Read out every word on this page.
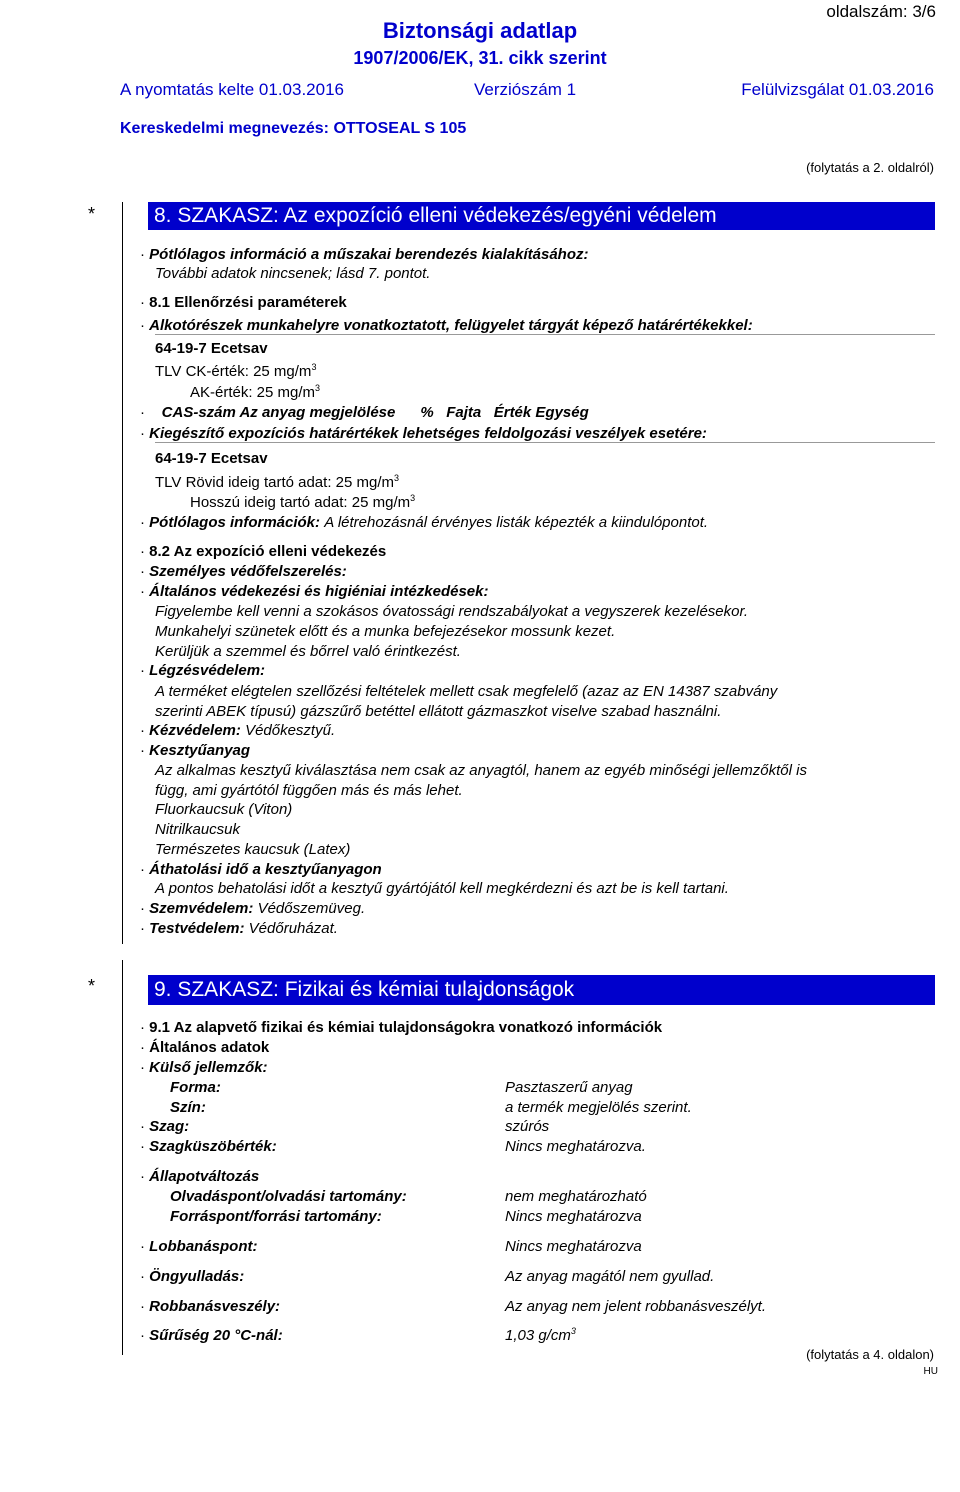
oldalszám: 3/6
Biztonsági adatlap
1907/2006/EK, 31. cikk szerint
A nyomtatás kelte 01.03.2016	Verziószám 1	Felülvizsgálat 01.03.2016
Kereskedelmi megnevezés: OTTOSEAL S 105
(folytatás a 2. oldalról)
*	8. SZAKASZ: Az expozíció elleni védekezés/egyéni védelem
· Pótlólagos információ a műszakai berendezés kialakításához:
További adatok nincsenek; lásd 7. pontot.
· 8.1 Ellenőrzési paraméterek
· Alkotórészek munkahelyre vonatkoztatott, felügyelet tárgyát képező határértékekkel:
64-19-7 Ecetsav
TLV CK-érték: 25 $mg/m^3$
AK-érték: 25 $mg/m^3$
· CAS-szám Az anyag megjelölése      %   Fajta   Érték Egység
· Kiegészítő expozíciós határértékek lehetséges feldolgozási veszélyek esetére:
64-19-7 Ecetsav
TLV Rövid ideig tartó adat: 25 $mg/m^3$
Hosszú ideig tartó adat: 25 $mg/m^3$
· Pótlólagos információk: A létrehozásnál érvényes listák képezték a kiindulópontot.
· 8.2 Az expozíció elleni védekezés
· Személyes védőfelszerelés:
· Általános védekezési és higiéniai intézkedések:
Figyelembe kell venni a szokásos óvatossági rendszabályokat a vegyszerek kezelésekor.
Munkahelyi szünetek előtt és a munka befejezésekor mossunk kezet.
Kerüljük a szemmel és bőrrel való érintkezést.
· Légzésvédelem:
A terméket elégtelen szellőzési feltételek mellett csak megfelelő (azaz az EN 14387 szabvány
szerinti ABEK típusú) gázszűrő betéttel ellátott gázmaszkot viselve szabad használni.
· Kézvédelem: Védőkesztyű.
· Kesztyűanyag
Az alkalmas kesztyű kiválasztása nem csak az anyagtól, hanem az egyéb minőségi jellemzőktől is
függ, ami gyártótól függően más és más lehet.
Fluorkaucsuk (Viton)
Nitrilkaucsuk
Természetes kaucsuk (Latex)
· Áthatolási idő a kesztyűanyagon
A pontos behatolási időt a kesztyű gyártójától kell megkérdezni és azt be is kell tartani.
· Szemvédelem: Védőszemüveg.
· Testvédelem: Védőruházat.
*	9. SZAKASZ: Fizikai és kémiai tulajdonságok
· 9.1 Az alapvető fizikai és kémiai tulajdonságokra vonatkozó információk
· Általános adatok
· Külső jellemzők:
Forma:	Pasztaszerű anyag
Szín:	a termék megjelölés szerint.
· Szag:	szúrós
· Szagküszöbérték:	Nincs meghatározva.
· Állapotváltozás
Olvadáspont/olvadási tartomány:	nem meghatározható
Forráspont/forrási tartomány:	Nincs meghatározva
· Lobbanáspont:	Nincs meghatározva
· Öngyulladás:	Az anyag magától nem gyullad.
· Robbanásveszély:	Az anyag nem jelent robbanásveszélyt.
· Sűrűség 20 °C-nál:	1,03 $g/cm^3$
(folytatás a 4. oldalon)
HU
